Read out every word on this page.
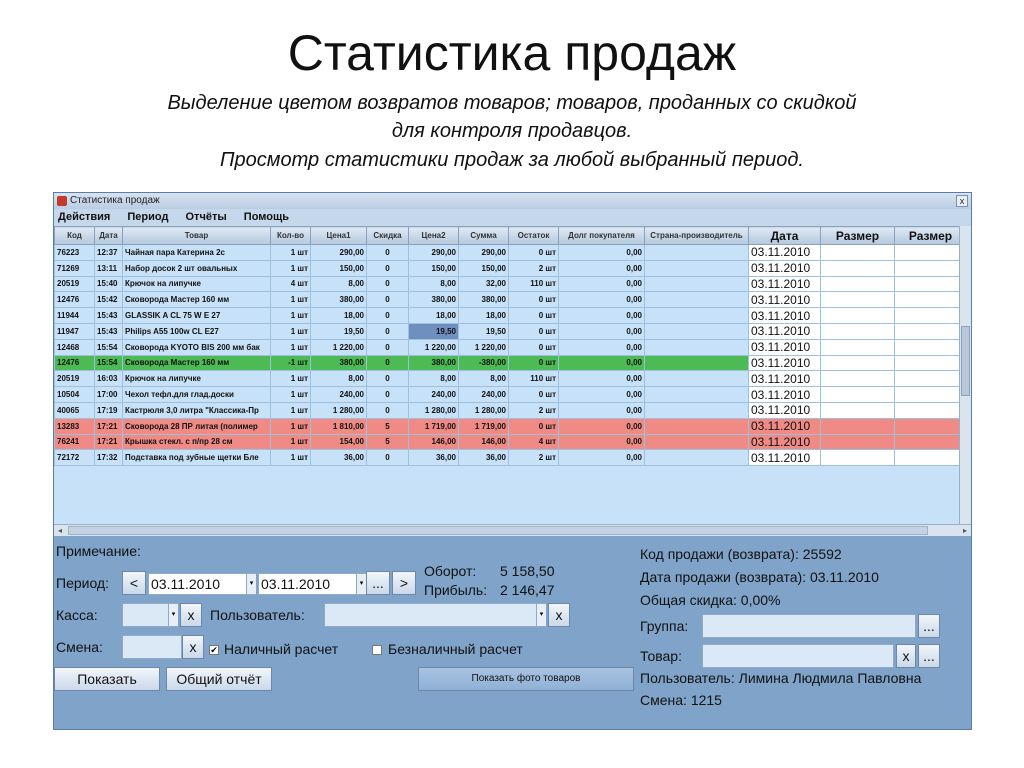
Статистика продаж
Выделение цветом возвратов товаров; товаров, проданных со скидкой
для контроля продавцов.
Просмотр статистики продаж за любой выбранный период.
Статистика продаж	x
Действия Период Отчёты Помощь
Код	Дата	Товар	Кол-во	Цена1	Скидка	Цена2	Сумма	Остаток	Долг покупателя	Страна-производитель	Дата	Размер	Размер
76223	12:37	Чайная пара Катерина 2с	1 шт	290,00	0	290,00	290,00	0 шт	0,00		03.11.2010		
71269	13:11	Набор досок 2 шт овальных	1 шт	150,00	0	150,00	150,00	2 шт	0,00		03.11.2010		
20519	15:40	Крючок на липучке	4 шт	8,00	0	8,00	32,00	110 шт	0,00		03.11.2010		
12476	15:42	Сковорода Мастер 160 мм	1 шт	380,00	0	380,00	380,00	0 шт	0,00		03.11.2010		
11944	15:43	GLASSIK A CL 75 W E 27	1 шт	18,00	0	18,00	18,00	0 шт	0,00		03.11.2010		
11947	15:43	Philips A55 100w CL E27	1 шт	19,50	0	19,50	19,50	0 шт	0,00		03.11.2010		
12468	15:54	Сковорода KYOTO BIS 200 мм бак	1 шт	1 220,00	0	1 220,00	1 220,00	0 шт	0,00		03.11.2010		
12476	15:54	Сковорода Мастер 160 мм	-1 шт	380,00	0	380,00	-380,00	0 шт	0,00		03.11.2010		
20519	16:03	Крючок на липучке	1 шт	8,00	0	8,00	8,00	110 шт	0,00		03.11.2010		
10504	17:00	Чехол тефл.для глад.доски	1 шт	240,00	0	240,00	240,00	0 шт	0,00		03.11.2010		
40065	17:19	Кастрюля 3,0 литра "Классика-Пр	1 шт	1 280,00	0	1 280,00	1 280,00	2 шт	0,00		03.11.2010		
13283	17:21	Сковорода 28 ПР литая (полимер	1 шт	1 810,00	5	1 719,00	1 719,00	0 шт	0,00		03.11.2010		
76241	17:21	Крышка стекл. с п/пр 28 см	1 шт	154,00	5	146,00	146,00	4 шт	0,00		03.11.2010		
72172	17:32	Подставка под зубные щетки Бле	1 шт	36,00	0	36,00	36,00	2 шт	0,00		03.11.2010		
◂	▸
Примечание:
Период:	< 03.11.2010	▾ 03.11.2010	▾ ...	>
Оборот: 5 158,50
Прибыль: 2 146,47
Касса:	▾ x	Пользователь:	▾ x
Смена:	x	✔ Наличный расчет	Безналичный расчет
Показать	Общий отчёт	Показать фото товаров
Код продажи (возврата): 25592
Дата продажи (возврата): 03.11.2010
Общая скидка: 0,00%
Группа:	...
Товар:	x ...
Пользователь: Лимина Людмила Павловна
Смена: 1215
